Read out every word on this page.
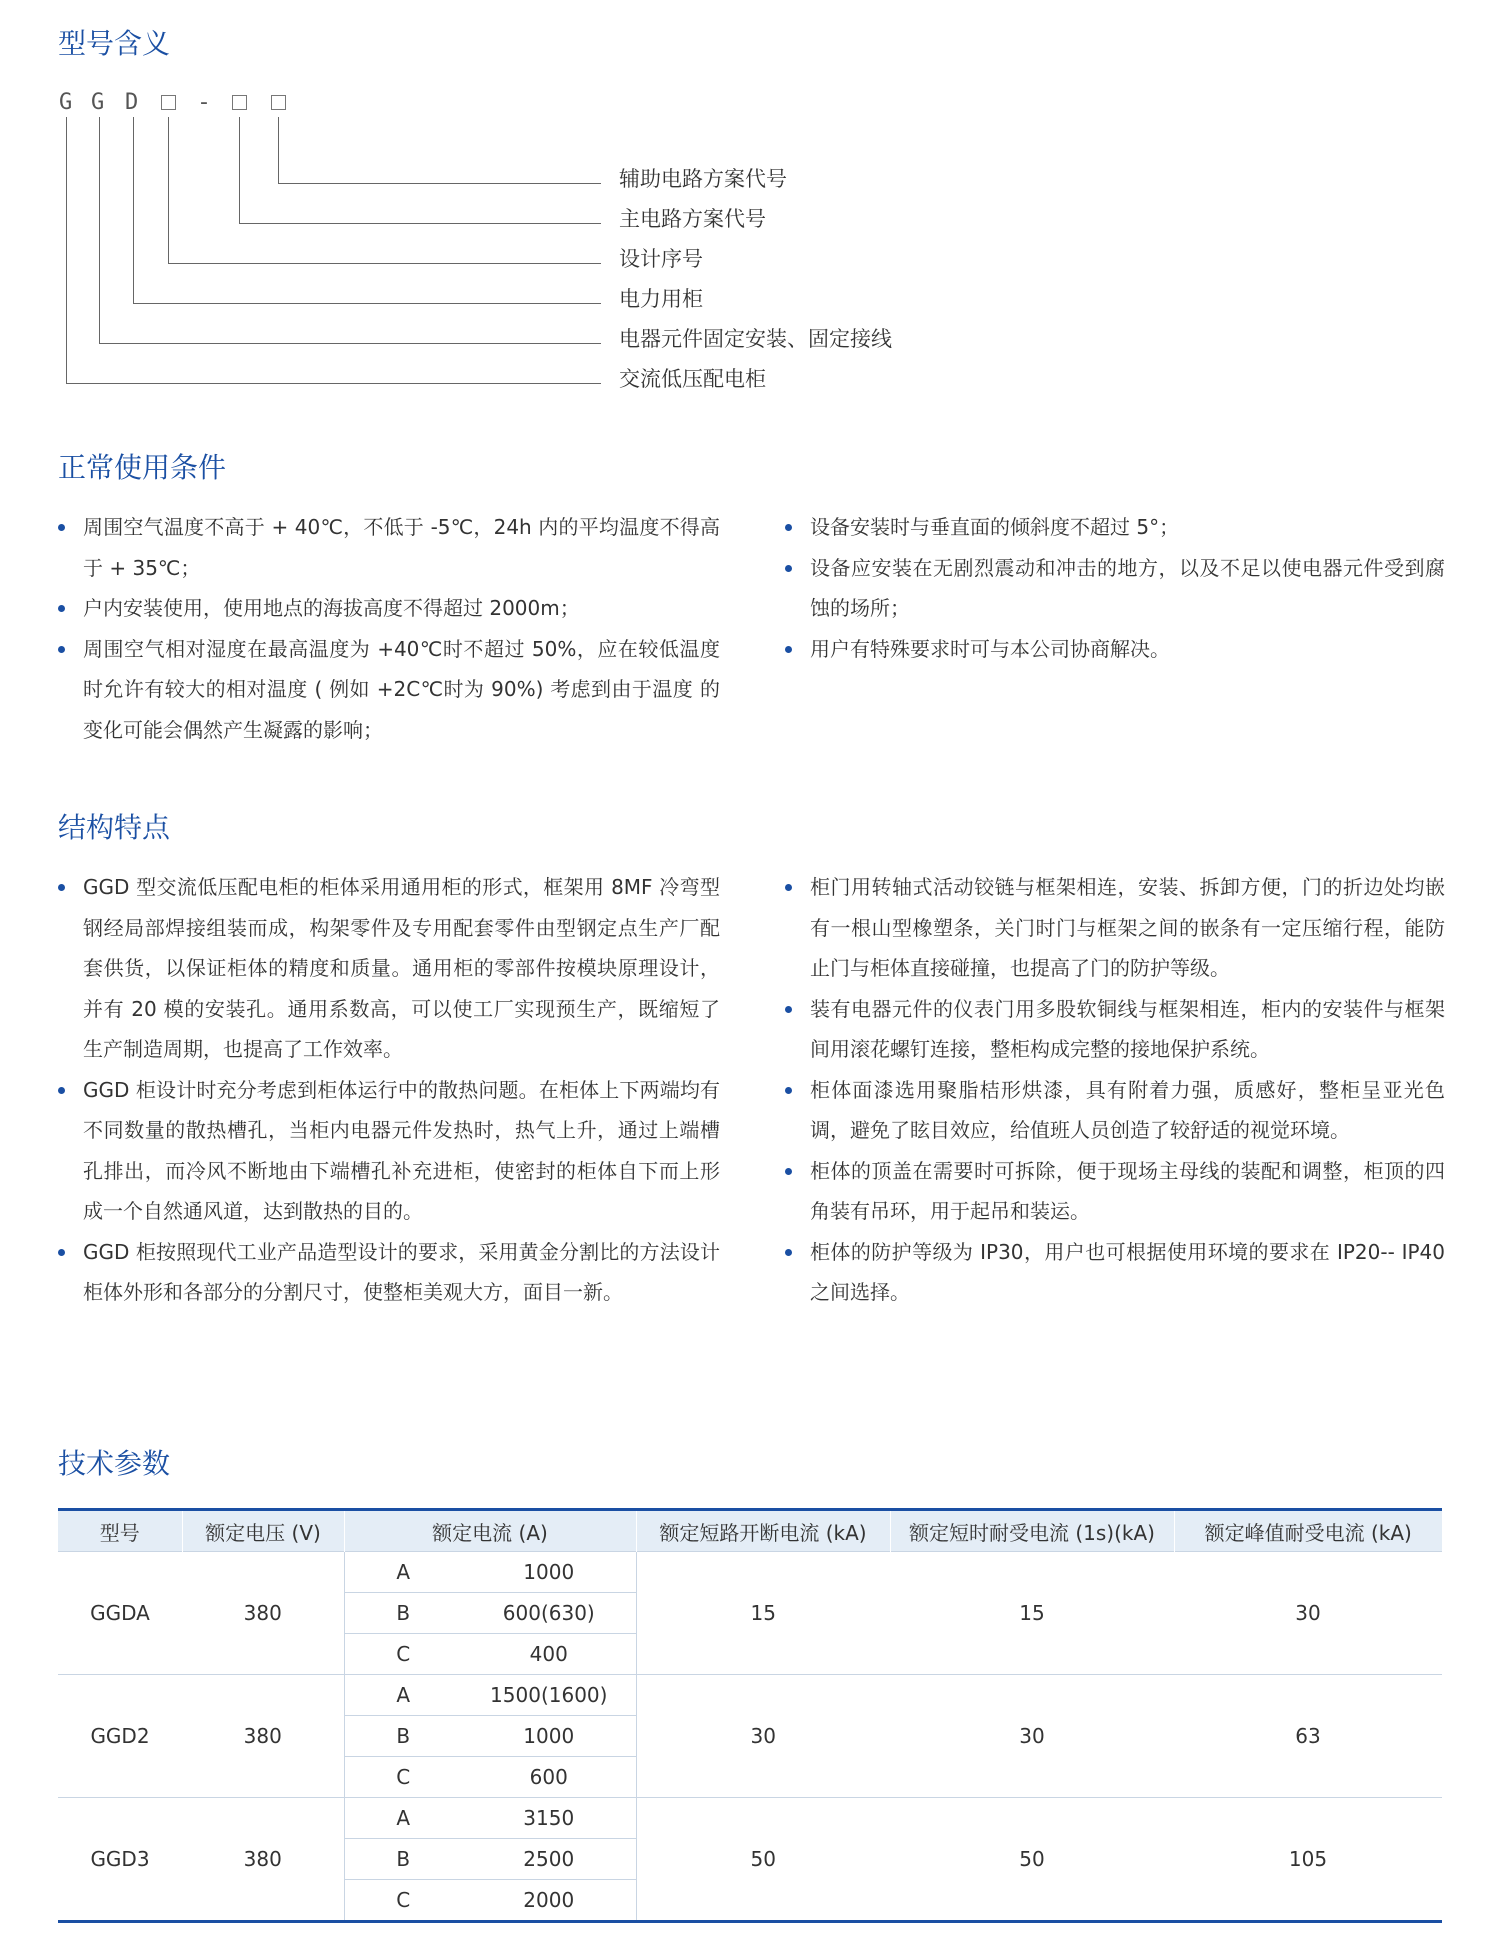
型号含义
G G D	-
辅助电路方案代号
主电路方案代号
设计序号
电力用柜
电器元件固定安装、固定接线
交流低压配电柜
正常使用条件
周围空气温度不高于 + 40℃，不低于 -5℃，24h 内的平均温度不得高于 + 35℃；
户内安装使用，使用地点的海拔高度不得超过 2000m；
周围空气相对湿度在最高温度为 +40℃时不超过 50%，应在较低温度时允许有较大的相对温度 ( 例如 +2C℃时为 90%) 考虑到由于温度 的变化可能会偶然产生凝露的影响；
设备安装时与垂直面的倾斜度不超过 5°；
设备应安装在无剧烈震动和冲击的地方，以及不足以使电器元件受到腐蚀的场所；
用户有特殊要求时可与本公司协商解决。
结构特点
GGD 型交流低压配电柜的柜体采用通用柜的形式，框架用 8MF 冷弯型钢经局部焊接组装而成，构架零件及专用配套零件由型钢定点生产厂配套供货，以保证柜体的精度和质量。通用柜的零部件按模块原理设计，并有 20 模的安装孔。通用系数高，可以使工厂实现预生产，既缩短了生产制造周期，也提高了工作效率。
GGD 柜设计时充分考虑到柜体运行中的散热问题。在柜体上下两端均有不同数量的散热槽孔，当柜内电器元件发热时，热气上升，通过上端槽孔排出，而冷风不断地由下端槽孔补充进柜，使密封的柜体自下而上形成一个自然通风道，达到散热的目的。
GGD 柜按照现代工业产品造型设计的要求，采用黄金分割比的方法设计柜体外形和各部分的分割尺寸，使整柜美观大方，面目一新。
柜门用转轴式活动铰链与框架相连，安装、拆卸方便，门的折边处均嵌有一根山型橡塑条，关门时门与框架之间的嵌条有一定压缩行程，能防止门与柜体直接碰撞，也提高了门的防护等级。
装有电器元件的仪表门用多股软铜线与框架相连，柜内的安装件与框架间用滚花螺钉连接，整柜构成完整的接地保护系统。
柜体面漆选用聚脂桔形烘漆，具有附着力强，质感好，整柜呈亚光色调，避免了眩目效应，给值班人员创造了较舒适的视觉环境。
柜体的顶盖在需要时可拆除，便于现场主母线的装配和调整，柜顶的四角装有吊环，用于起吊和装运。
柜体的防护等级为 IP30，用户也可根据使用环境的要求在 IP20-- IP40 之间选择。
技术参数
型号	额定电压 (V)	额定电流 (A)		额定短路开断电流 (kA)	额定短时耐受电流 (1s)(kA)	额定峰值耐受电流 (kA)
GGDA	380	A	1000	15	15	30
		B	600(630)			
		C	400			
GGD2	380	A	1500(1600)	30	30	63
		B	1000			
		C	600			
GGD3	380	A	3150	50	50	105
		B	2500			
		C	2000			
